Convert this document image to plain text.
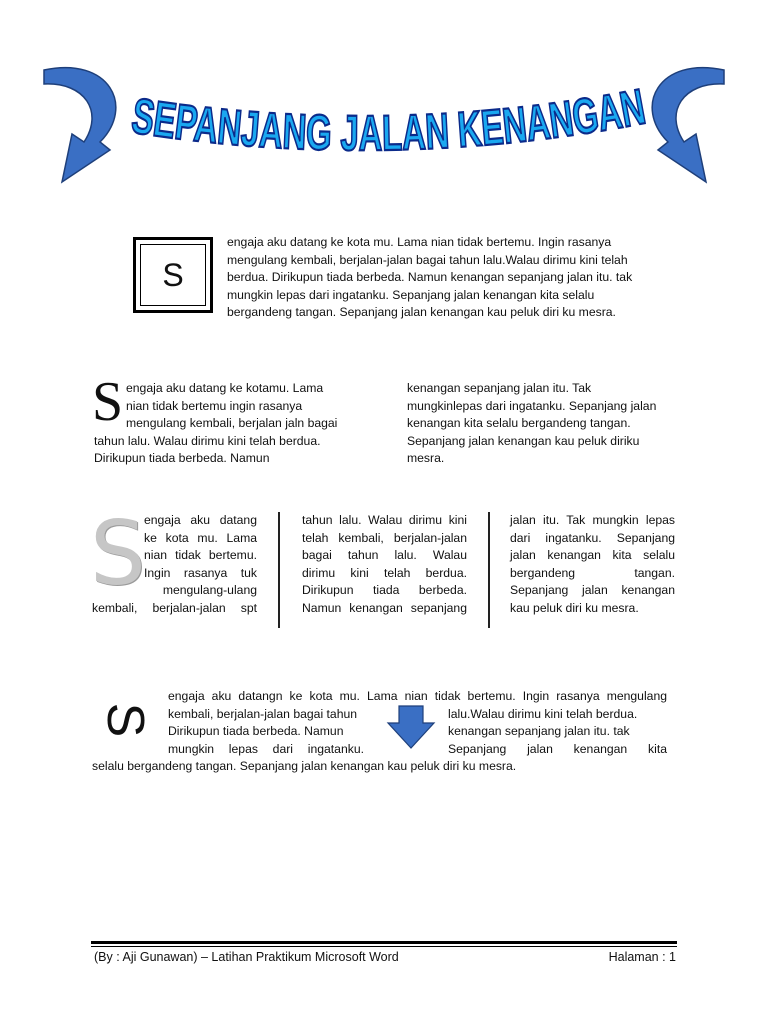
SEPANJANG JALAN KENANGAN
S
engaja aku datang ke kota mu. Lama nian tidak bertemu. Ingin rasanya
mengulang kembali, berjalan-jalan bagai tahun lalu.Walau dirimu kini telah
berdua. Dirikupun tiada berbeda. Namun kenangan sepanjang jalan itu. tak
mungkin lepas dari ingatanku. Sepanjang jalan kenangan kita selalu
bergandeng tangan. Sepanjang jalan kenangan kau peluk diri ku mesra.
S engaja aku datang ke kotamu. Lama
nian tidak bertemu ingin rasanya
mengulang kembali, berjalan jaln bagai
tahun lalu. Walau dirimu kini telah berdua.
Dirikupun tiada berbeda. Namun
kenangan sepanjang jalan itu. Tak
mungkinlepas dari ingatanku. Sepanjang jalan
kenangan kita selalu bergandeng tangan.
Sepanjang jalan kenangan kau peluk diriku
mesra.
S
engaja aku datang
ke kota mu. Lama
nian tidak bertemu.
Ingin rasanya tuk
mengulang-ulang
kembali, berjalan-jalan spt
tahun lalu. Walau dirimu kini
telah kembali, berjalan-jalan
bagai tahun lalu. Walau
dirimu kini telah berdua.
Dirikupun tiada berbeda.
Namun kenangan sepanjang
jalan itu. Tak mungkin lepas
dari ingatanku. Sepanjang
jalan kenangan kita selalu
bergandeng tangan.
Sepanjang jalan kenangan
kau peluk diri ku mesra.
S
engaja aku datangn ke kota mu. Lama nian tidak bertemu. Ingin rasanya mengulang
kembali, berjalan-jalan bagai tahun	lalu.Walau dirimu kini telah berdua.
Dirikupun tiada berbeda. Namun	kenangan sepanjang jalan itu. tak
mungkin lepas dari ingatanku.	Sepanjang jalan kenangan kita
selalu bergandeng tangan. Sepanjang jalan kenangan kau peluk diri ku mesra.
(By : Aji Gunawan) – Latihan Praktikum Microsoft Word	Halaman : 1
